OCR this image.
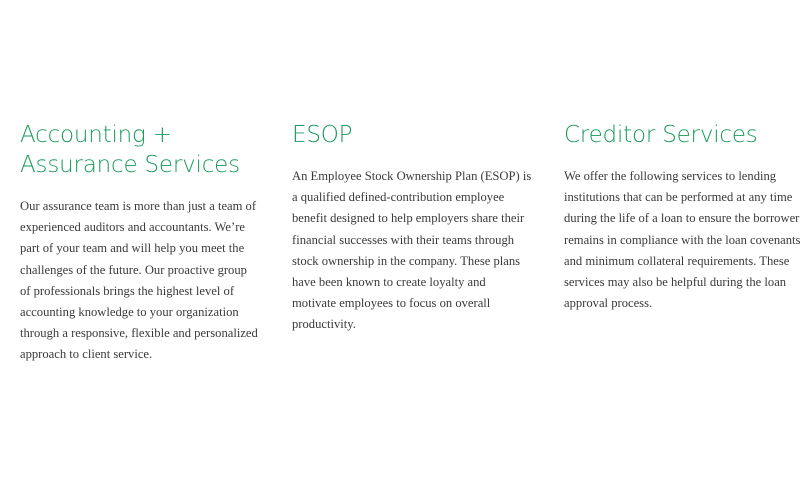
Accounting +
Assurance Services

Our assurance team is more than just a team of experienced auditors and accountants. We’re part of your team and will help you meet the challenges of the future. Our proactive group of professionals brings the highest level of accounting knowledge to your organization through a responsive, flexible and personalized approach to client service.

ESOP

An Employee Stock Ownership Plan (ESOP) is a qualified defined-contribution employee benefit designed to help employers share their financial successes with their teams through stock ownership in the company. These plans have been known to create loyalty and motivate employees to focus on overall productivity.

Creditor Services

We offer the following services to lending institutions that can be performed at any time during the life of a loan to ensure the borrower remains in compliance with the loan covenants and minimum collateral requirements. These services may also be helpful during the loan approval process.
